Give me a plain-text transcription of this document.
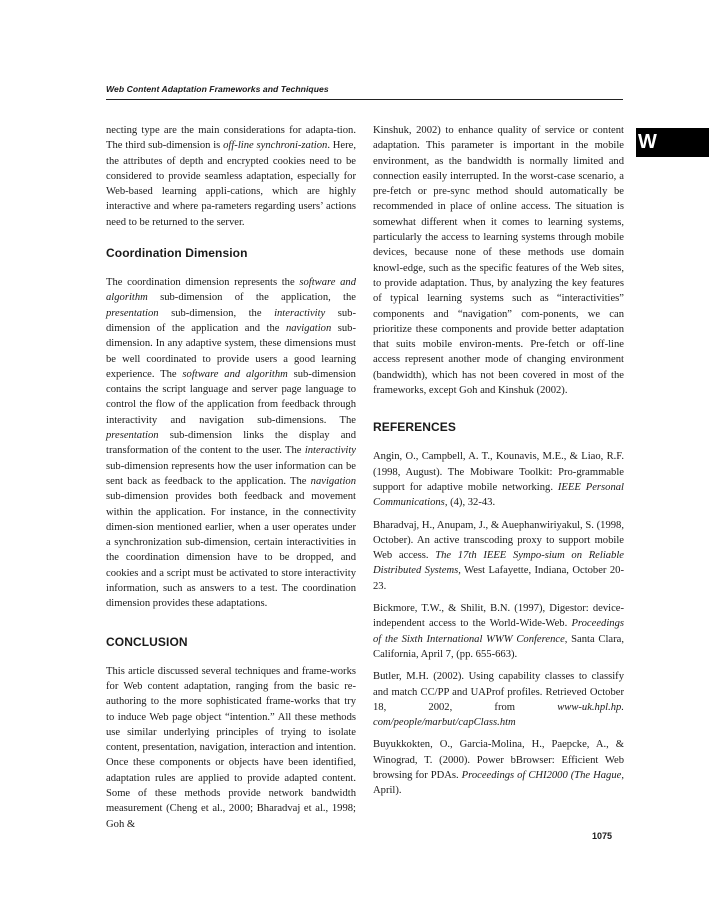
Web Content Adaptation Frameworks and Techniques
W

necting type are the main considerations for adapta-tion. The third sub-dimension is off-line synchroni-zation. Here, the attributes of depth and encrypted cookies need to be considered to provide seamless adaptation, especially for Web-based learning appli-cations, which are highly interactive and where pa-rameters regarding users’ actions need to be returned to the server.

Coordination Dimension

The coordination dimension represents the software and algorithm sub-dimension of the application, the presentation sub-dimension, the interactivity sub-dimension of the application and the navigation sub-dimension. In any adaptive system, these dimensions must be well coordinated to provide users a good learning experience. The software and algorithm sub-dimension contains the script language and server page language to control the flow of the application from feedback through interactivity and navigation sub-dimensions. The presentation sub-dimension links the display and transformation of the content to the user. The interactivity sub-dimension represents how the user information can be sent back as feedback to the application. The navigation sub-dimension provides both feedback and movement within the application. For instance, in the connectivity dimen-sion mentioned earlier, when a user operates under a synchronization sub-dimension, certain interactivities in the coordination dimension have to be dropped, and cookies and a script must be activated to store interactivity information, such as answers to a test. The coordination dimension provides these adaptations.

CONCLUSION

This article discussed several techniques and frame-works for Web content adaptation, ranging from the basic re-authoring to the more sophisticated frame-works that try to induce Web page object “intention.” All these methods use similar underlying principles of trying to isolate content, presentation, navigation, interaction and intention. Once these components or objects have been identified, adaptation rules are applied to provide adapted content. Some of these methods provide network bandwidth measurement (Cheng et al., 2000; Bharadvaj et al., 1998; Goh &

Kinshuk, 2002) to enhance quality of service or content adaptation. This parameter is important in the mobile environment, as the bandwidth is normally limited and connection easily interrupted. In the worst-case scenario, a pre-fetch or pre-sync method should automatically be recommended in place of online access. The situation is somewhat different when it comes to learning systems, particularly the access to learning systems through mobile devices, because none of these methods use domain knowl-edge, such as the specific features of the Web sites, to provide adaptation. Thus, by analyzing the key features of typical learning systems such as “interactivities” components and “navigation” com-ponents, we can prioritize these components and provide better adaptation that suits mobile environ-ments. Pre-fetch or off-line access represent another mode of changing environment (bandwidth), which has not been covered in most of the frameworks, except Goh and Kinshuk (2002).

REFERENCES

Angin, O., Campbell, A. T., Kounavis, M.E., & Liao, R.F. (1998, August). The Mobiware Toolkit: Pro-grammable support for adaptive mobile networking. IEEE Personal Communications, (4), 32-43.

Bharadvaj, H., Anupam, J., & Auephanwiriyakul, S. (1998, October). An active transcoding proxy to support mobile Web access. The 17th IEEE Sympo-sium on Reliable Distributed Systems, West Lafayette, Indiana, October 20-23.

Bickmore, T.W., & Shilit, B.N. (1997), Digestor: device-independent access to the World-Wide-Web. Proceedings of the Sixth International WWW Conference, Santa Clara, California, April 7, (pp. 655-663).

Butler, M.H. (2002). Using capability classes to classify and match CC/PP and UAProf profiles. Retrieved October 18, 2002, from www-uk.hpl.hp. com/people/marbut/capClass.htm

Buyukkokten, O., Garcia-Molina, H., Paepcke, A., & Winograd, T. (2000). Power bBrowser: Efficient Web browsing for PDAs. Proceedings of CHI2000 (The Hague, April).

1075
